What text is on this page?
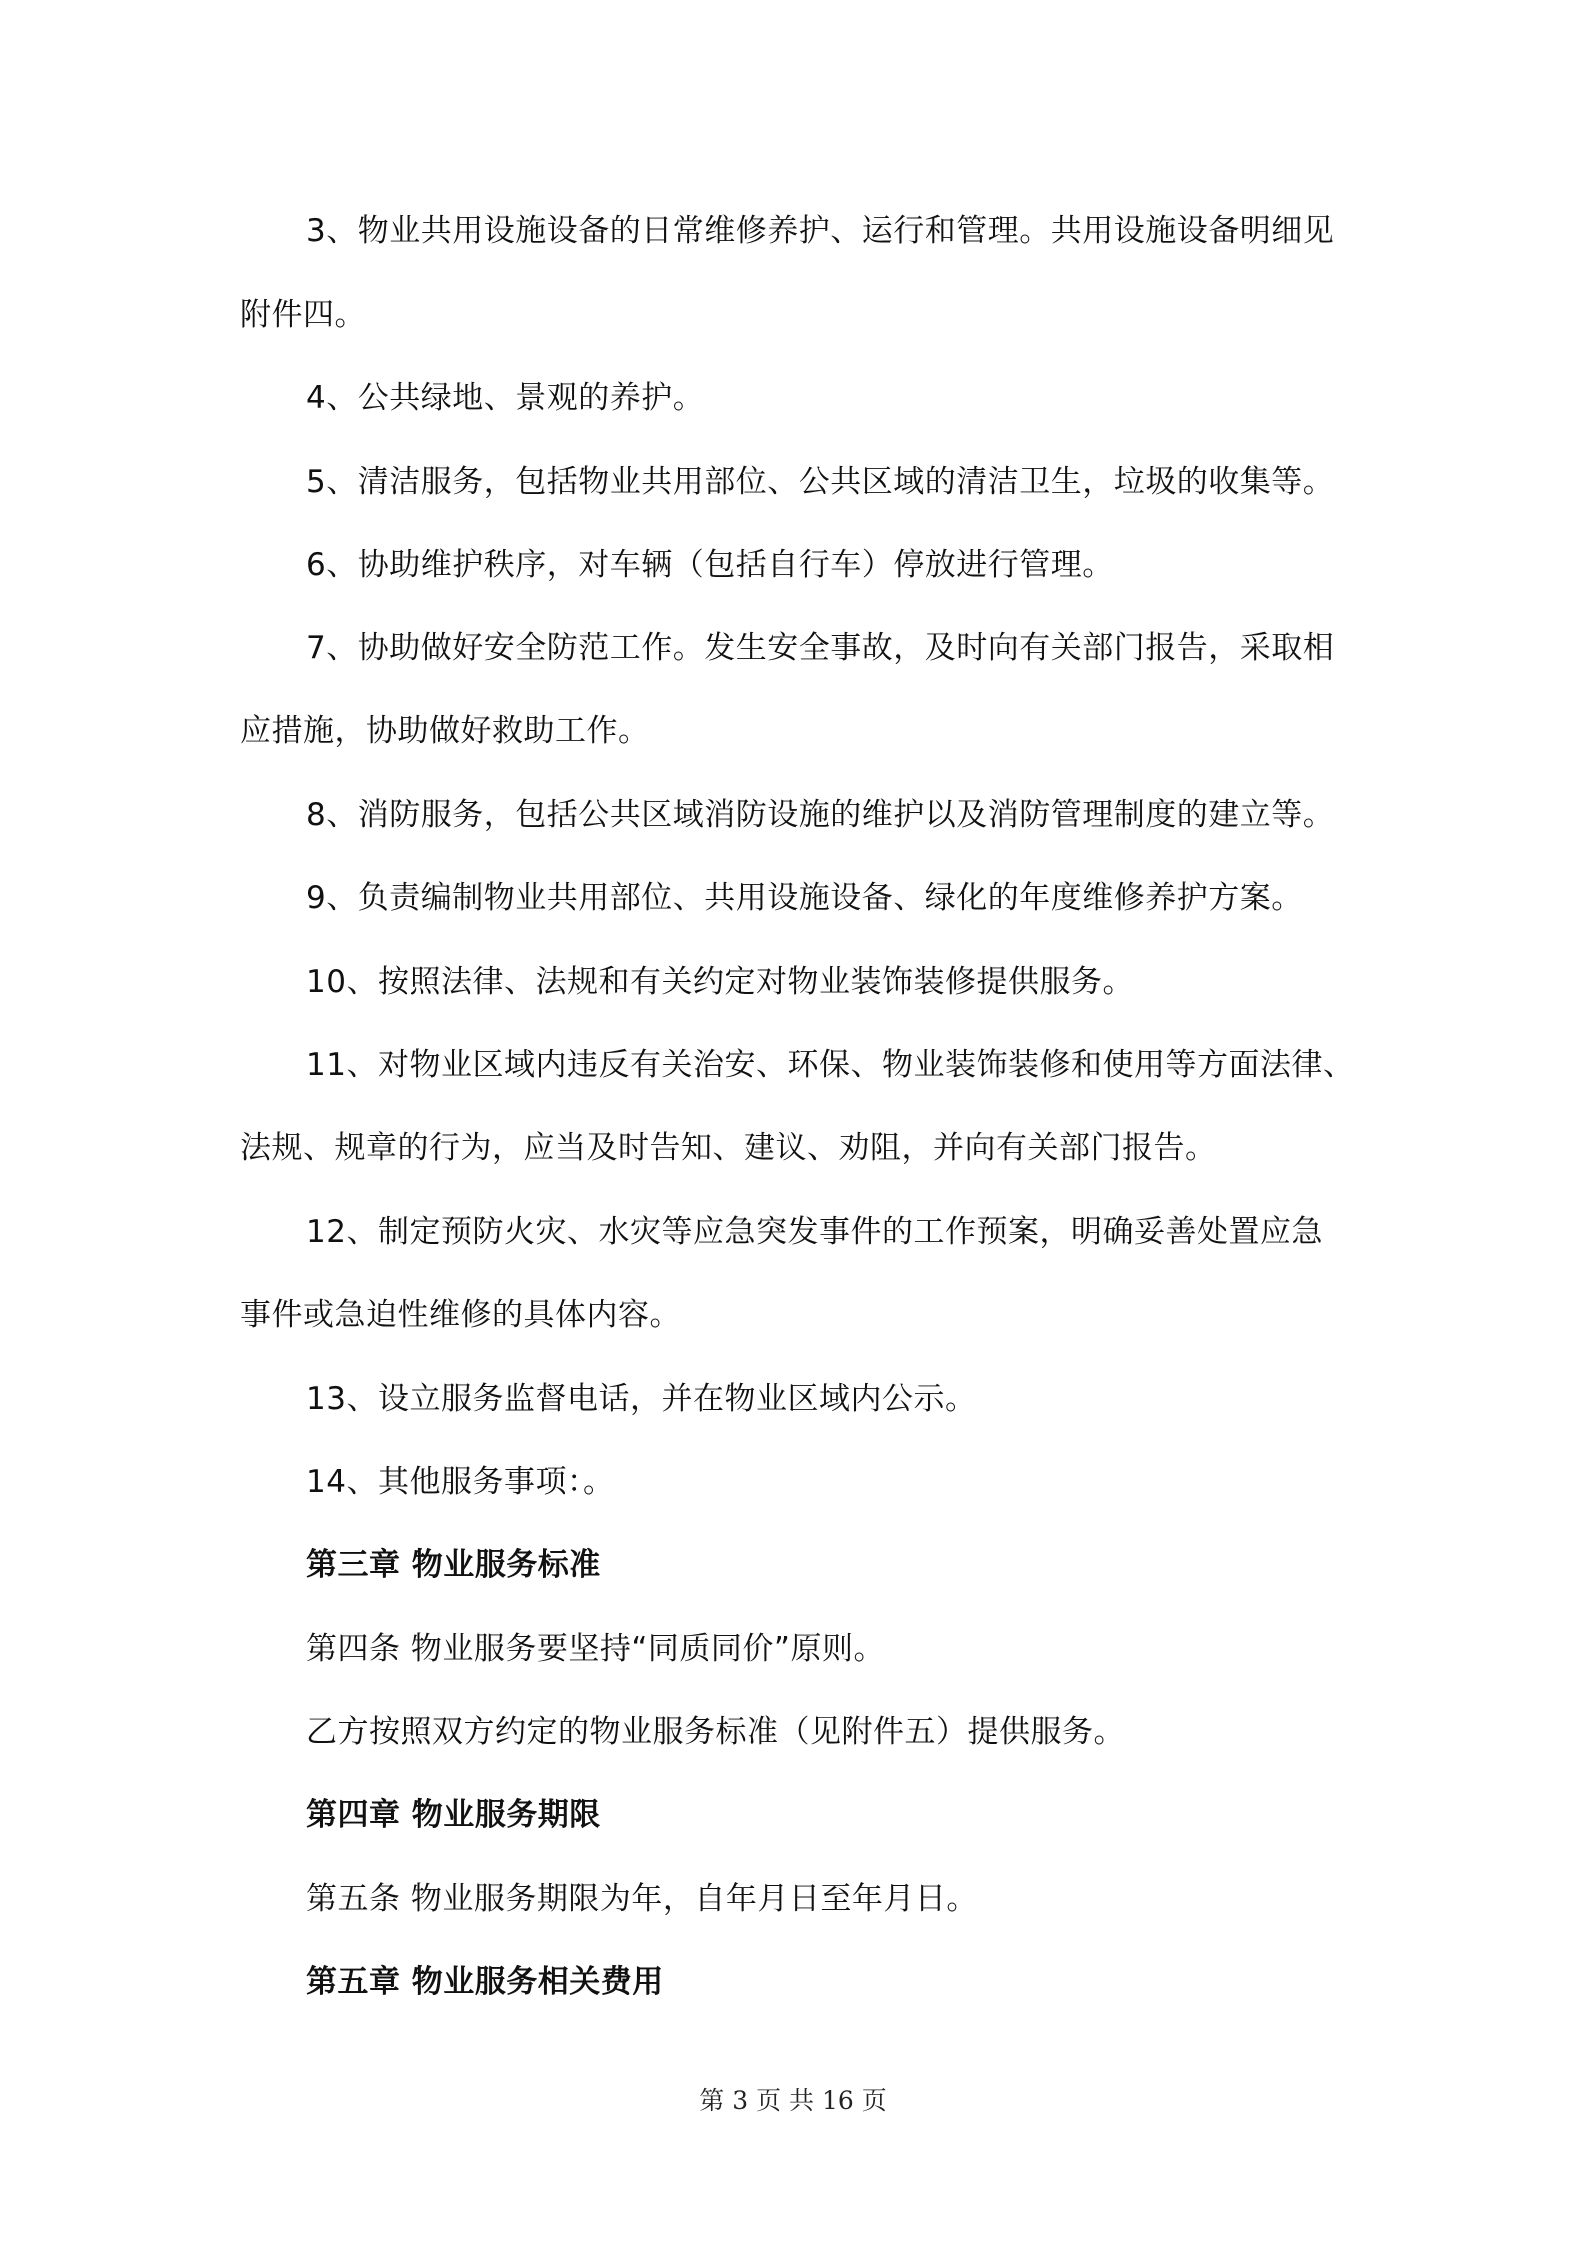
3、物业共用设施设备的日常维修养护、运行和管理。共用设施设备明细见
附件四。
4、公共绿地、景观的养护。
5、清洁服务，包括物业共用部位、公共区域的清洁卫生，垃圾的收集等。
6、协助维护秩序，对车辆（包括自行车）停放进行管理。
7、协助做好安全防范工作。发生安全事故，及时向有关部门报告，采取相
应措施，协助做好救助工作。
8、消防服务，包括公共区域消防设施的维护以及消防管理制度的建立等。
9、负责编制物业共用部位、共用设施设备、绿化的年度维修养护方案。
10、按照法律、法规和有关约定对物业装饰装修提供服务。
11、对物业区域内违反有关治安、环保、物业装饰装修和使用等方面法律、
法规、规章的行为，应当及时告知、建议、劝阻，并向有关部门报告。
12、制定预防火灾、水灾等应急突发事件的工作预案，明确妥善处置应急
事件或急迫性维修的具体内容。
13、设立服务监督电话，并在物业区域内公示。
14、其他服务事项：。
第三章 物业服务标准
第四条 物业服务要坚持“同质同价”原则。
乙方按照双方约定的物业服务标准（见附件五）提供服务。
第四章 物业服务期限
第五条 物业服务期限为年，自年月日至年月日。
第五章 物业服务相关费用
第 3 页 共 16 页
